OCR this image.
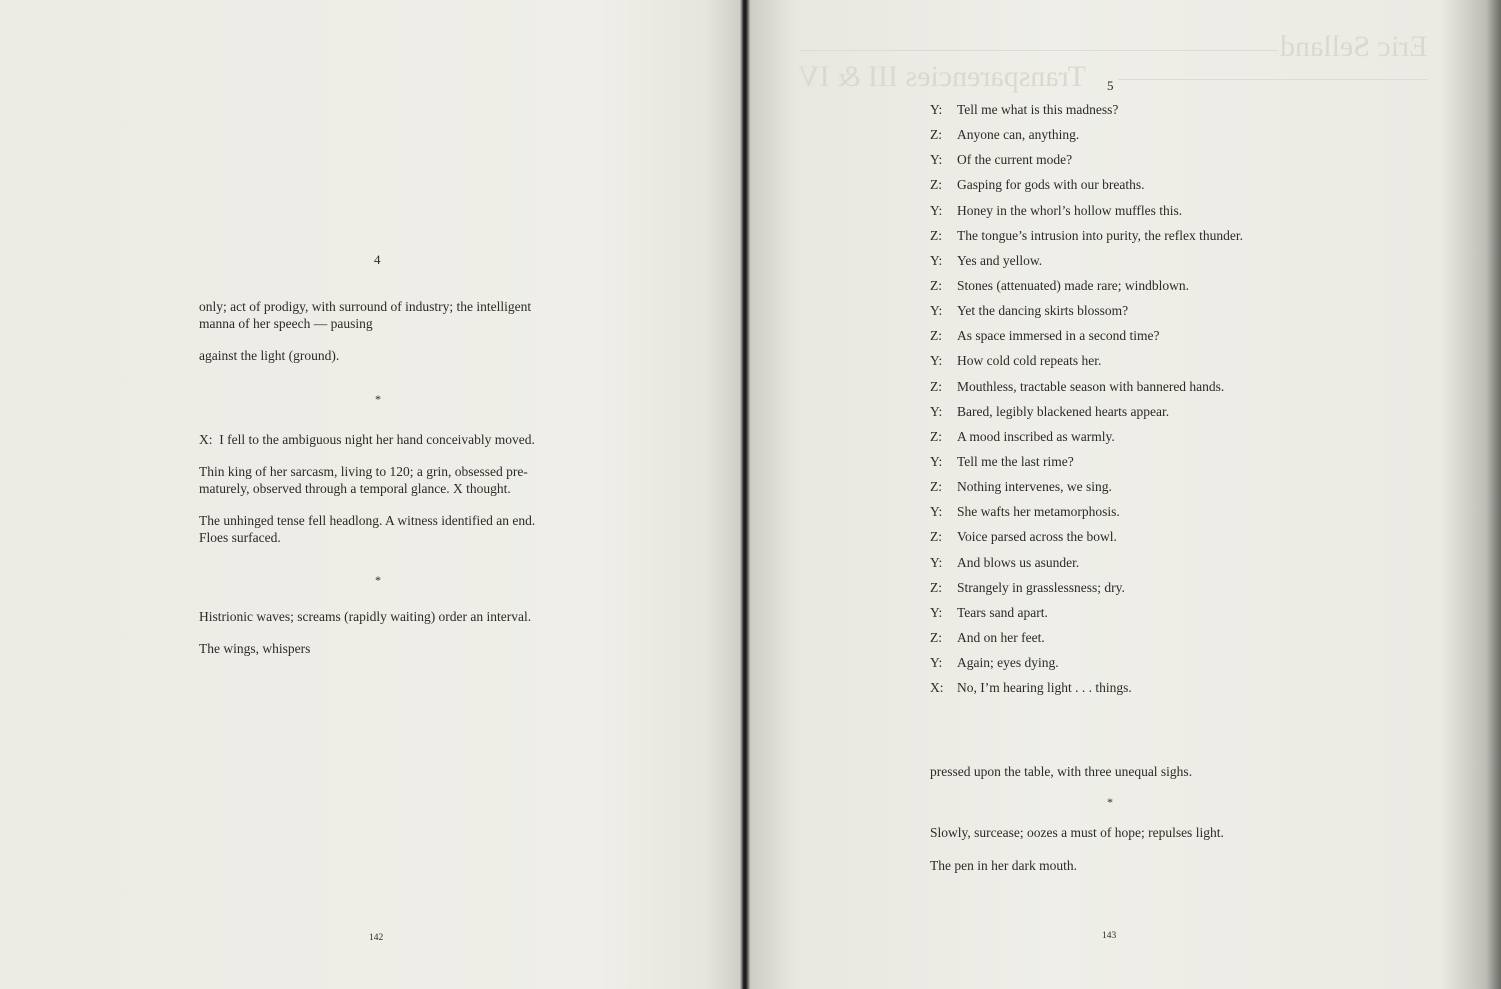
4

only; act of prodigy, with surround of industry; the intelligent manna of her speech — pausing

against the light (ground).

*

X:  I fell to the ambiguous night her hand conceivably moved.

Thin king of her sarcasm, living to 120; a grin, obsessed pre- maturely, observed through a temporal glance. X thought.

The unhinged tense fell headlong. A witness identified an end. Floes surfaced.

*

Histrionic waves; screams (rapidly waiting) order an interval.

The wings, whispers

142
Eric Selland
Transparencies III & IV 5
Y: Tell me what is this madness?
Z: Anyone can, anything.
Y: Of the current mode?
Z: Gasping for gods with our breaths.
Y: Honey in the whorl’s hollow muffles this.
Z: The tongue’s intrusion into purity, the reflex thunder.
Y: Yes and yellow.
Z: Stones (attenuated) made rare; windblown.
Y: Yet the dancing skirts blossom?
Z: As space immersed in a second time?
Y: How cold cold repeats her.
Z: Mouthless, tractable season with bannered hands.
Y: Bared, legibly blackened hearts appear.
Z: A mood inscribed as warmly.
Y: Tell me the last rime?
Z: Nothing intervenes, we sing.
Y: She wafts her metamorphosis.
Z: Voice parsed across the bowl.
Y: And blows us asunder.
Z: Strangely in grasslessness; dry.
Y: Tears sand apart.
Z: And on her feet.
Y: Again; eyes dying.
X: No, I’m hearing light . . . things.

pressed upon the table, with three unequal sighs.

*

Slowly, surcease; oozes a must of hope; repulses light.

The pen in her dark mouth.

143
